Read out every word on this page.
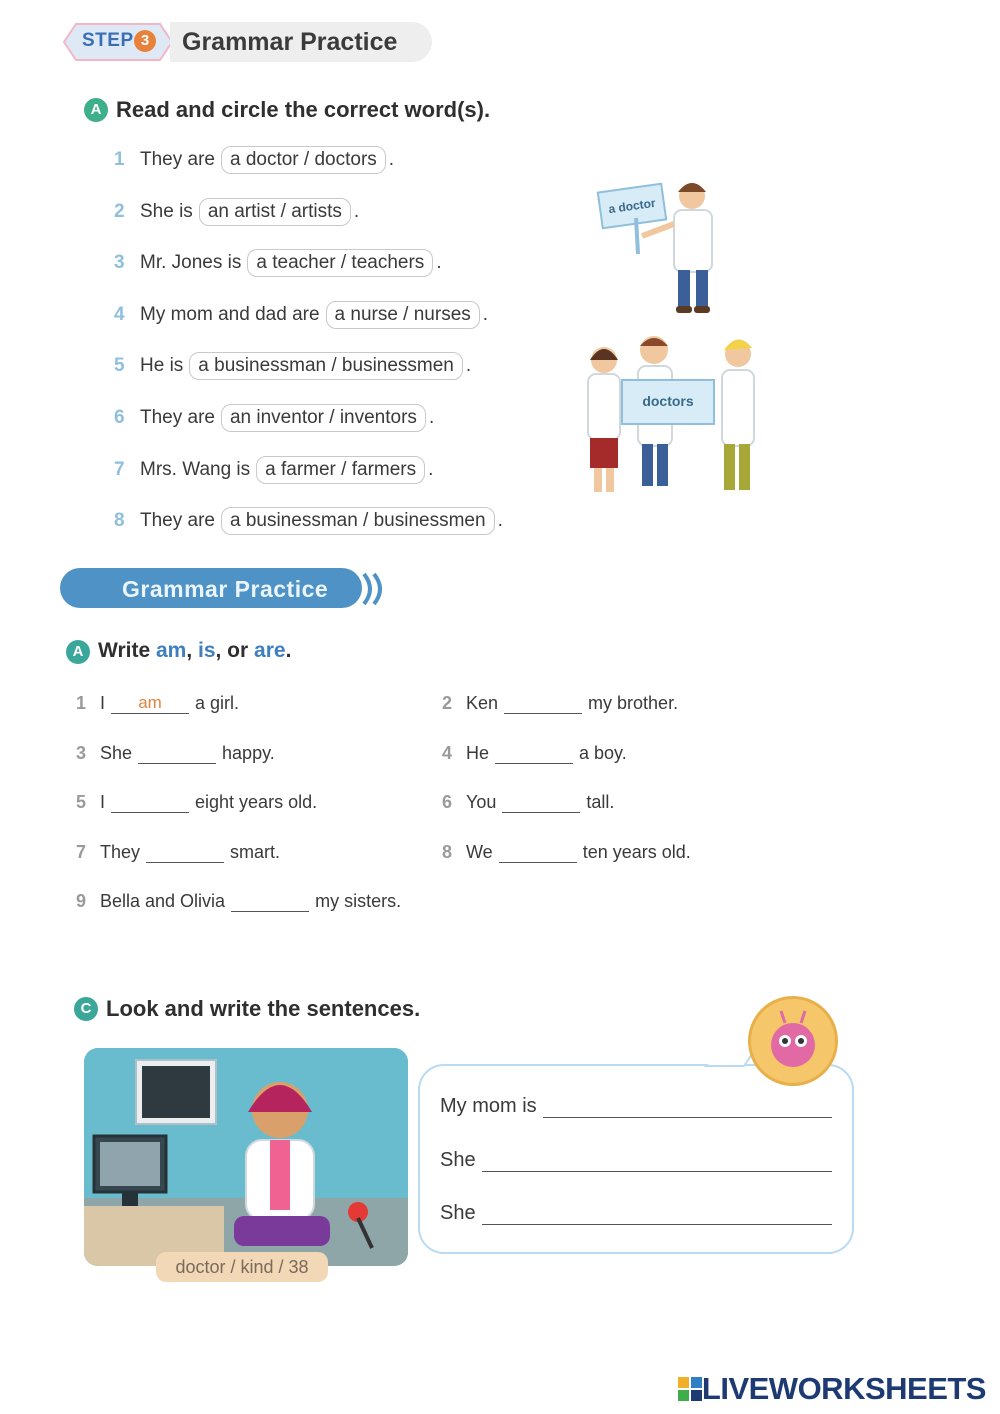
STEP 3 Grammar Practice
A Read and circle the correct word(s).
1 They are a doctor / doctors .
2 She is an artist / artists .
3 Mr. Jones is a teacher / teachers .
4 My mom and dad are a nurse / nurses .
5 He is a businessman / businessmen .
6 They are an inventor / inventors .
7 Mrs. Wang is a farmer / farmers .
8 They are a businessman / businessmen .
a doctor
doctors
Grammar Practice
A Write am, is, or are.
1 I	am	a girl.	2 Ken	my brother.
3 She	happy.	4 He	a boy.
5 I	eight years old.	6 You	tall.
7 They	smart.	8 We	ten years old.
9 Bella and Olivia	my sisters.
C Look and write the sentences.
doctor / kind / 38
My mom is
She
She
LIVEWORKSHEETS
